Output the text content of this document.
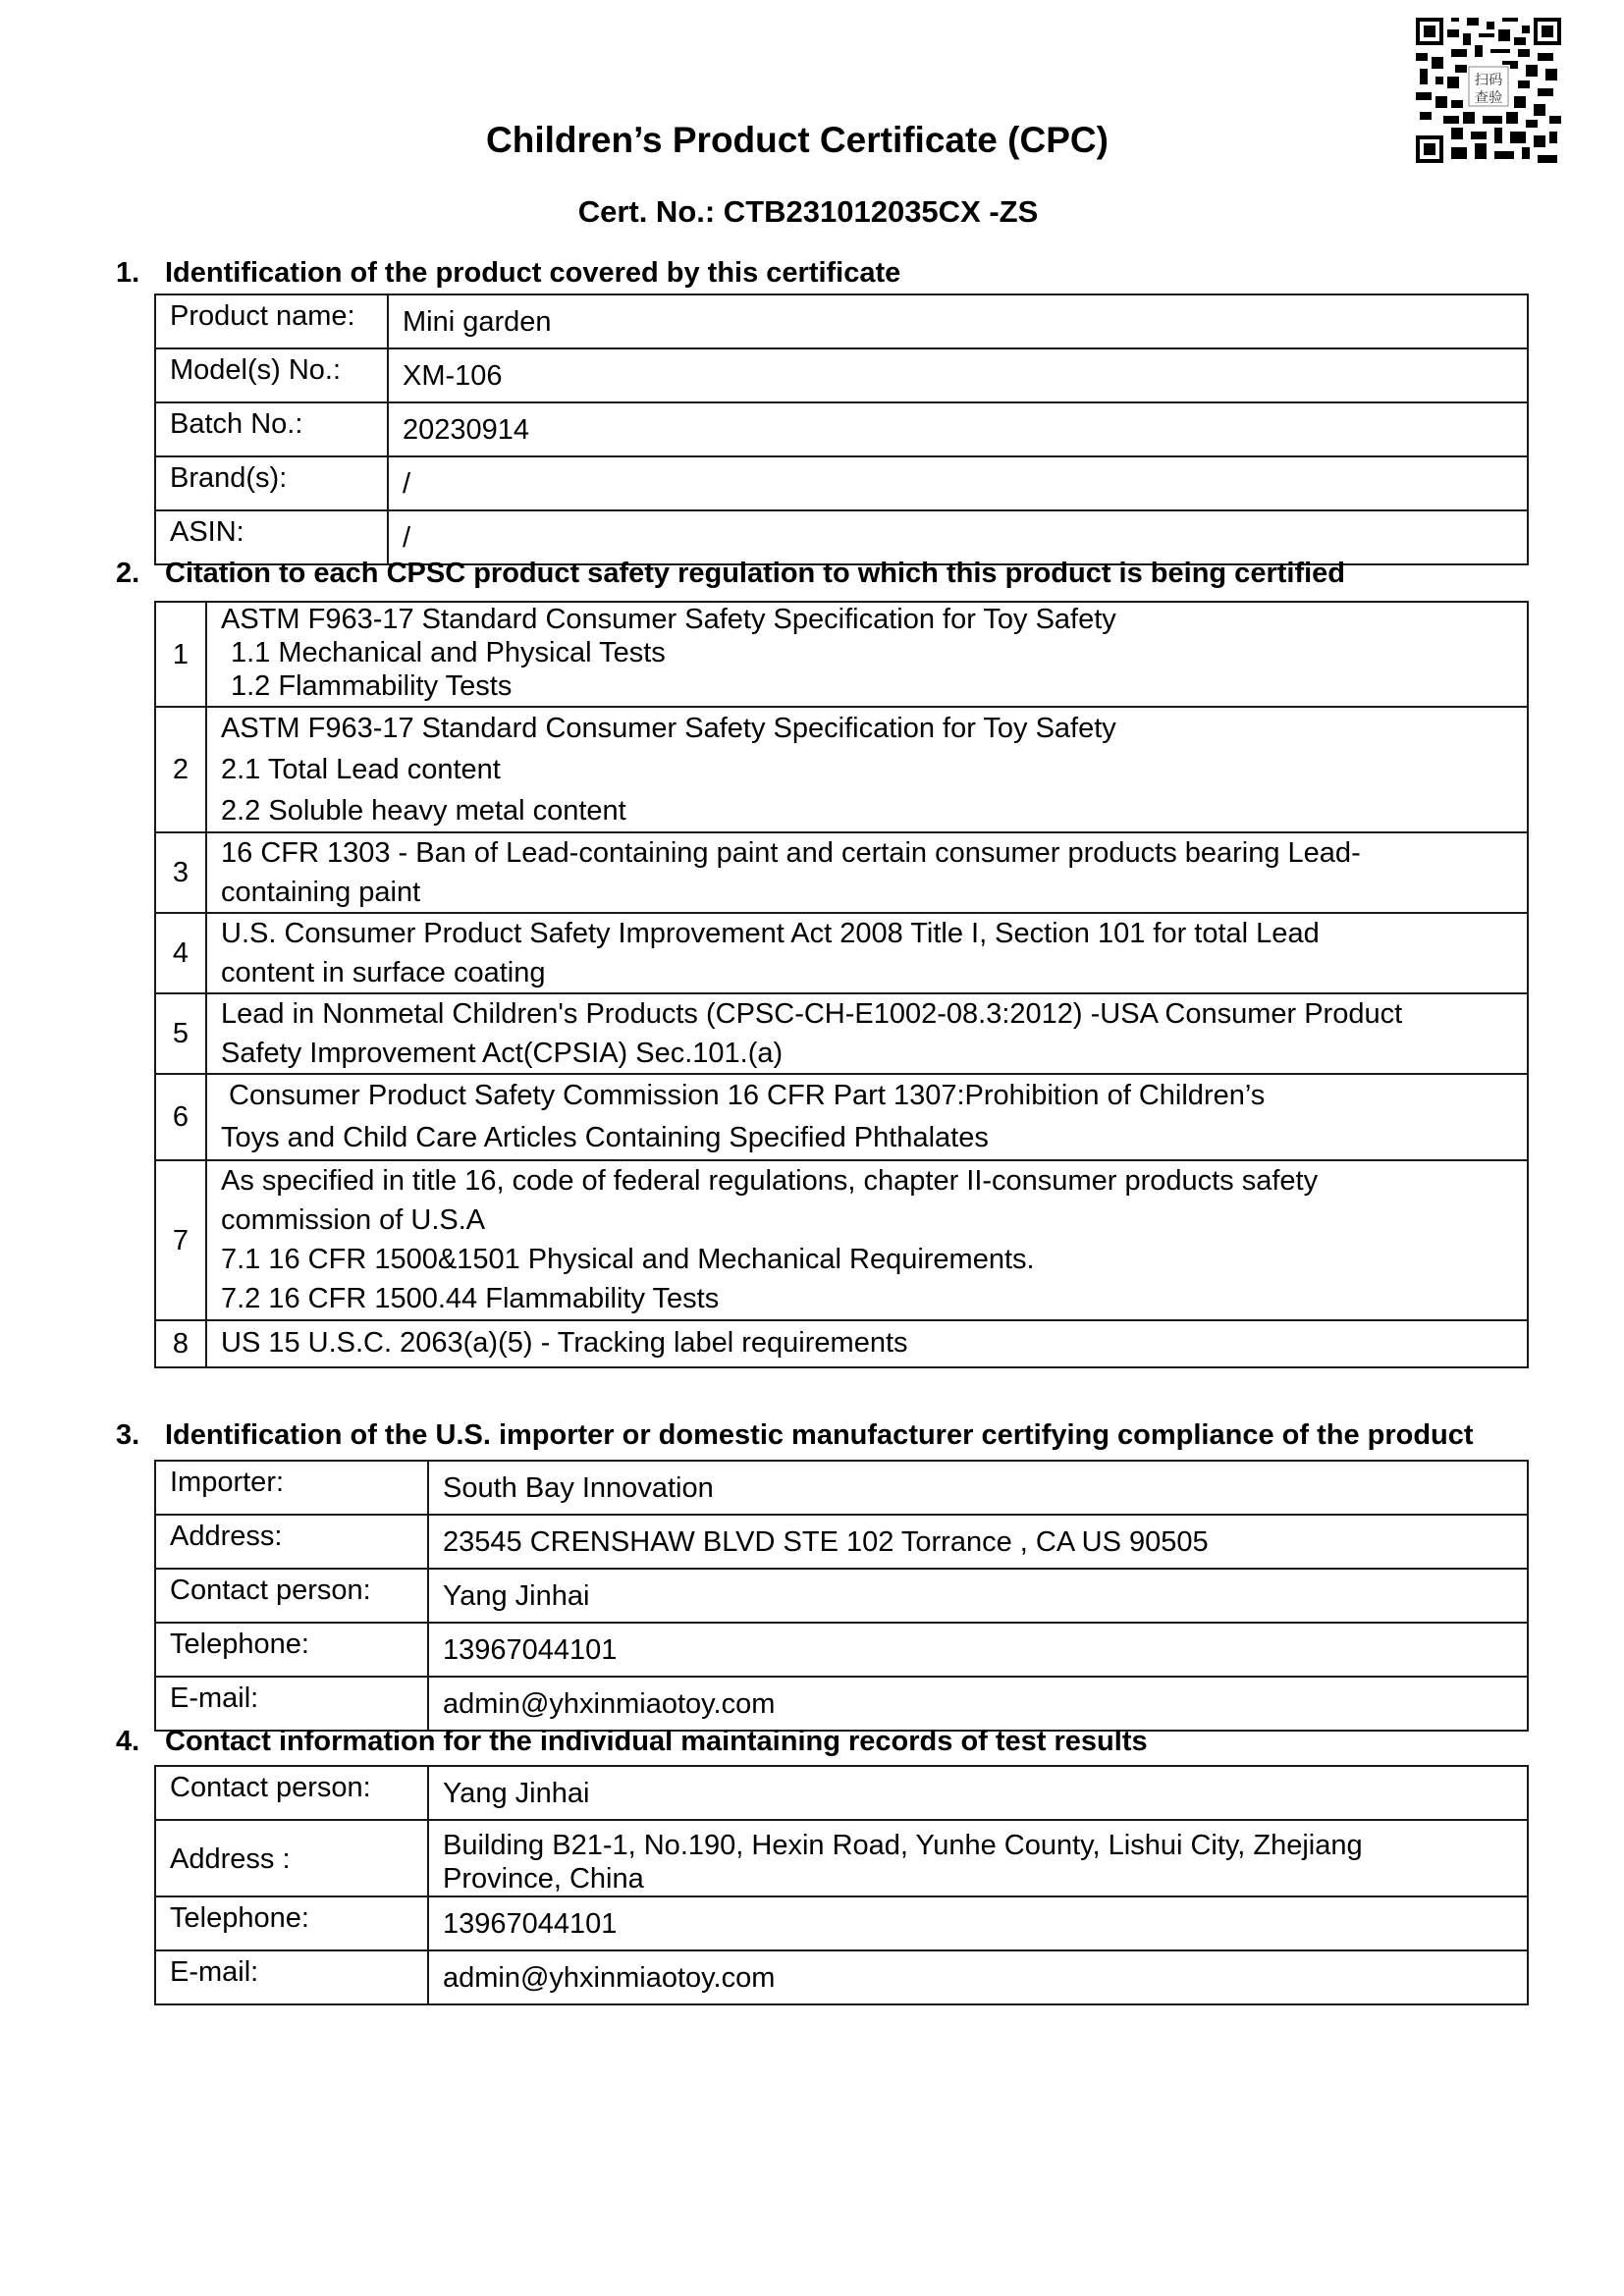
扫码
查验
Children’s Product Certificate (CPC)
Cert. No.: CTB231012035CX -ZS
1. Identification of the product covered by this certificate
Product name:	Mini garden
Model(s) No.:	XM-106
Batch No.:	20230914
Brand(s):	/
ASIN:	/
2. Citation to each CPSC product safety regulation to which this product is being certified
1	ASTM F963-17 Standard Consumer Safety Specification for Toy Safety
1.1 Mechanical and Physical Tests
1.2 Flammability Tests

2	ASTM F963-17 Standard Consumer Safety Specification for Toy Safety
2.1 Total Lead content
2.2 Soluble heavy metal content

3	16 CFR 1303 - Ban of Lead-containing paint and certain consumer products bearing Lead-
containing paint

4	U.S. Consumer Product Safety Improvement Act 2008 Title I, Section 101 for total Lead
content in surface coating

5	Lead in Nonmetal Children's Products (CPSC-CH-E1002-08.3:2012) -USA Consumer Product
Safety Improvement Act(CPSIA) Sec.101.(a)

6	Consumer Product Safety Commission 16 CFR Part 1307:Prohibition of Children’s
Toys and Child Care Articles Containing Specified Phthalates

7	As specified in title 16, code of federal regulations, chapter II-consumer products safety
commission of U.S.A
7.1 16 CFR 1500&1501 Physical and Mechanical Requirements.
7.2 16 CFR 1500.44 Flammability Tests

8	US 15 U.S.C. 2063(a)(5) - Tracking label requirements
3. Identification of the U.S. importer or domestic manufacturer certifying compliance of the product
Importer:	South Bay Innovation
Address:	23545 CRENSHAW BLVD STE 102 Torrance , CA US 90505
Contact person:	Yang Jinhai
Telephone:	13967044101
E-mail:	admin@yhxinmiaotoy.com
4. Contact information for the individual maintaining records of test results
Contact person:	Yang Jinhai
Address :	Building B21-1, No.190, Hexin Road, Yunhe County, Lishui City, Zhejiang
Province, China

Telephone:	13967044101
E-mail:	admin@yhxinmiaotoy.com
